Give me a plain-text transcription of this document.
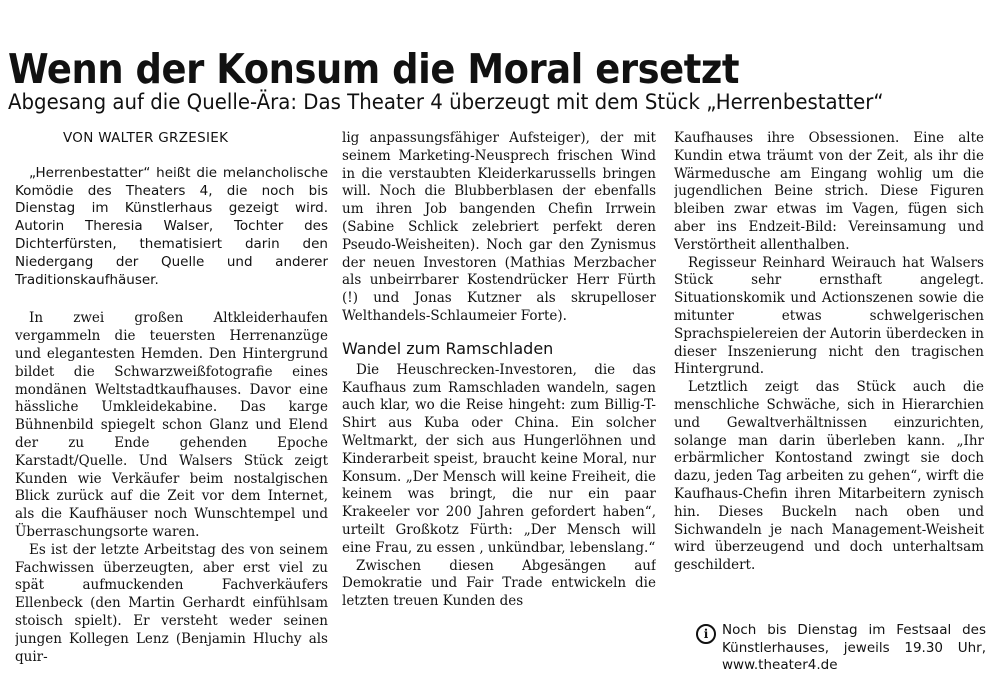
Wenn der Konsum die Moral ersetzt
Abgesang auf die Quelle-Ära: Das Theater 4 überzeugt mit dem Stück „Herrenbestatter“
VON WALTER GRZESIEK

„Herrenbestatter“ heißt die melancholische Komödie des Theaters 4, die noch bis Dienstag im Künstlerhaus gezeigt wird. Autorin Theresia Walser, Tochter des Dichterfürsten, thematisiert darin den Niedergang der Quelle und anderer Traditionskaufhäuser.

In zwei großen Altkleiderhaufen vergammeln die teuersten Herrenanzüge und elegantesten Hemden. Den Hintergrund bildet die Schwarzweißfotografie eines mondänen Weltstadtkaufhauses. Davor eine hässliche Umkleidekabine. Das karge Bühnenbild spiegelt schon Glanz und Elend der zu Ende gehenden Epoche Karstadt/Quelle. Und Walsers Stück zeigt Kunden wie Verkäufer beim nostalgischen Blick zurück auf die Zeit vor dem Internet, als die Kaufhäuser noch Wunschtempel und Überraschungsorte waren.

Es ist der letzte Arbeitstag des von seinem Fachwissen überzeugten, aber erst viel zu spät aufmuckenden Fachverkäufers Ellenbeck (den Martin Gerhardt einfühlsam stoisch spielt). Er versteht weder seinen jungen Kollegen Lenz (Benjamin Hluchy als quir-

lig anpassungsfähiger Aufsteiger), der mit seinem Marketing-Neusprech frischen Wind in die verstaubten Kleiderkarussells bringen will. Noch die Blubberblasen der ebenfalls um ihren Job bangenden Chefin Irrwein (Sabine Schlick zelebriert perfekt deren Pseudo-Weisheiten). Noch gar den Zynismus der neuen Investoren (Mathias Merzbacher als unbeirrbarer Kostendrücker Herr Fürth (!) und Jonas Kutzner als skrupelloser Welthandels-Schlaumeier Forte).

Wandel zum Ramschladen

Die Heuschrecken-Investoren, die das Kaufhaus zum Ramschladen wandeln, sagen auch klar, wo die Reise hingeht: zum Billig-T-Shirt aus Kuba oder China. Ein solcher Weltmarkt, der sich aus Hungerlöhnen und Kinderarbeit speist, braucht keine Moral, nur Konsum. „Der Mensch will keine Freiheit, die keinem was bringt, die nur ein paar Krakeeler vor 200 Jahren gefordert haben“, urteilt Großkotz Fürth: „Der Mensch will eine Frau, zu essen , unkündbar, lebenslang.“

Zwischen diesen Abgesängen auf Demokratie und Fair Trade entwickeln die letzten treuen Kunden des

Kaufhauses ihre Obsessionen. Eine alte Kundin etwa träumt von der Zeit, als ihr die Wärmedusche am Eingang wohlig um die jugendlichen Beine strich. Diese Figuren bleiben zwar etwas im Vagen, fügen sich aber ins Endzeit-Bild: Vereinsamung und Verstörtheit allenthalben.

Regisseur Reinhard Weirauch hat Walsers Stück sehr ernsthaft angelegt. Situationskomik und Actionszenen sowie die mitunter etwas schwelgerischen Sprachspielereien der Autorin überdecken in dieser Inszenierung nicht den tragischen Hintergrund.

Letztlich zeigt das Stück auch die menschliche Schwäche, sich in Hierarchien und Gewaltverhältnissen einzurichten, solange man darin überleben kann. „Ihr erbärmlicher Kontostand zwingt sie doch dazu, jeden Tag arbeiten zu gehen“, wirft die Kaufhaus-Chefin ihren Mitarbeitern zynisch hin. Dieses Buckeln nach oben und Sichwandeln je nach Management-Weisheit wird überzeugend und doch unterhaltsam geschildert.

i	Noch bis Dienstag im Festsaal des Künstlerhauses, jeweils 19.30 Uhr, www.theater4.de
